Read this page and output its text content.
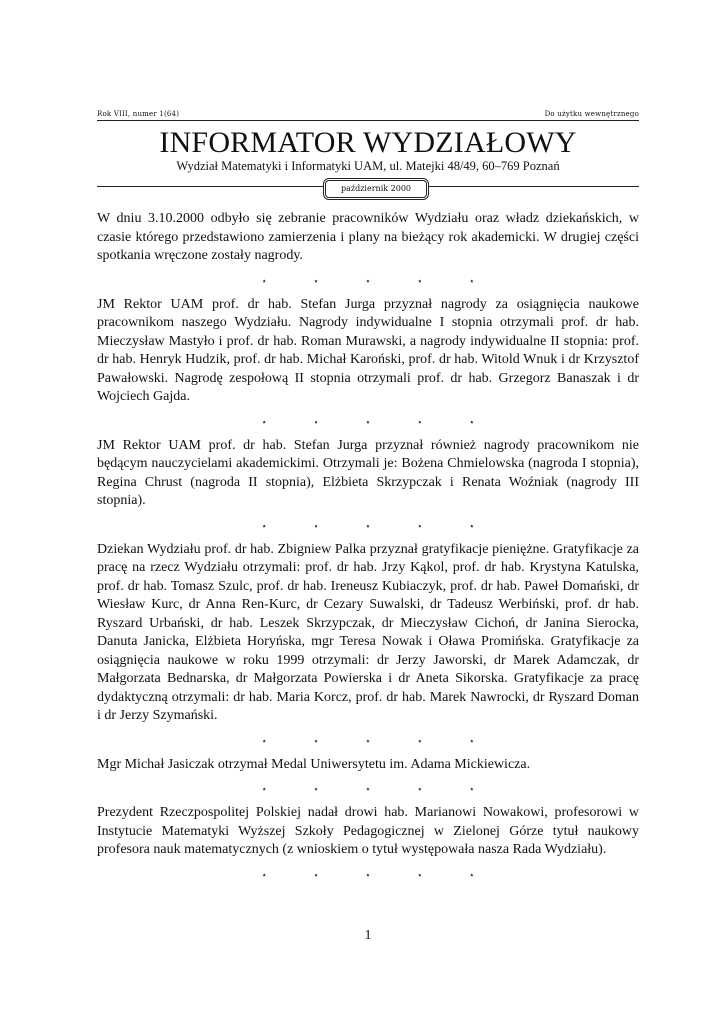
Rok VIII, numer 1(64)	Do użytku wewnętrznego
INFORMATOR WYDZIAŁOWY
Wydział Matematyki i Informatyki UAM, ul. Matejki 48/49, 60–769 Poznań
październik 2000

W dniu 3.10.2000 odbyło się zebranie pracowników Wydziału oraz władz dziekańskich, w czasie którego przedstawiono zamierzenia i plany na bieżący rok akademicki. W drugiej części spotkania wręczone zostały nagrody.

⋆ ⋆ ⋆ ⋆ ⋆

JM Rektor UAM prof. dr hab. Stefan Jurga przyznał nagrody za osiągnięcia naukowe pracownikom naszego Wydziału. Nagrody indywidualne I stopnia otrzymali prof. dr hab. Mieczysław Mastyło i prof. dr hab. Roman Murawski, a nagrody indywidualne II stopnia: prof. dr hab. Henryk Hudzik, prof. dr hab. Michał Karoński, prof. dr hab. Witold Wnuk i dr Krzysztof Pawałowski. Nagrodę zespołową II stopnia otrzymali prof. dr hab. Grzegorz Banaszak i dr Wojciech Gajda.

⋆ ⋆ ⋆ ⋆ ⋆

JM Rektor UAM prof. dr hab. Stefan Jurga przyznał również nagrody pracownikom nie będącym nauczycielami akademickimi. Otrzymali je: Bożena Chmielowska (nagroda I stopnia), Regina Chrust (nagroda II stopnia), Elżbieta Skrzypczak i Renata Woźniak (nagrody III stopnia).

⋆ ⋆ ⋆ ⋆ ⋆

Dziekan Wydziału prof. dr hab. Zbigniew Palka przyznał gratyfikacje pieniężne. Gratyfikacje za pracę na rzecz Wydziału otrzymali: prof. dr hab. Jrzy Kąkol, prof. dr hab. Krystyna Katulska, prof. dr hab. Tomasz Szulc, prof. dr hab. Ireneusz Kubiaczyk, prof. dr hab. Paweł Domański, dr Wiesław Kurc, dr Anna Ren-Kurc, dr Cezary Suwalski, dr Tadeusz Werbiński, prof. dr hab. Ryszard Urbański, dr hab. Leszek Skrzypczak, dr Mieczysław Cichoń, dr Janina Sierocka, Danuta Janicka, Elżbieta Horyńska, mgr Teresa Nowak i Oława Promińska. Gratyfikacje za osiągnięcia naukowe w roku 1999 otrzymali: dr Jerzy Jaworski, dr Marek Adamczak, dr Małgorzata Bednarska, dr Małgorzata Powierska i dr Aneta Sikorska. Gratyfikacje za pracę dydaktyczną otrzymali: dr hab. Maria Korcz, prof. dr hab. Marek Nawrocki, dr Ryszard Doman i dr Jerzy Szymański.

⋆ ⋆ ⋆ ⋆ ⋆

Mgr Michał Jasiczak otrzymał Medal Uniwersytetu im. Adama Mickiewicza.

⋆ ⋆ ⋆ ⋆ ⋆

Prezydent Rzeczpospolitej Polskiej nadał drowi hab. Marianowi Nowakowi, profesorowi w Instytucie Matematyki Wyższej Szkoły Pedagogicznej w Zielonej Górze tytuł naukowy profesora nauk matematycznych (z wnioskiem o tytuł występowała nasza Rada Wydziału).

⋆ ⋆ ⋆ ⋆ ⋆
1
